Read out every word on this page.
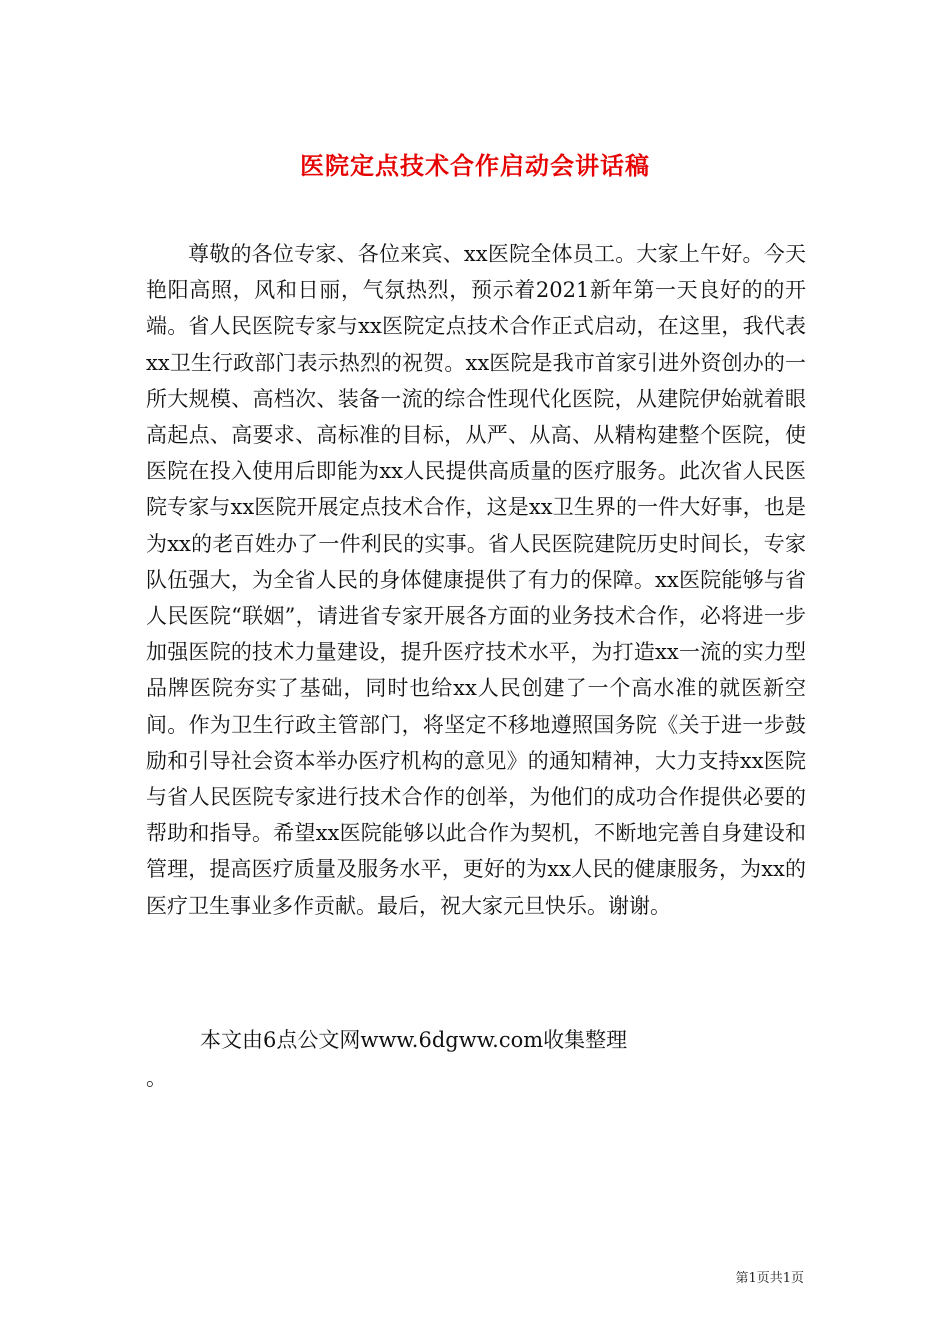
医院定点技术合作启动会讲话稿

尊敬的各位专家、各位来宾、xx医院全体员工。大家上午好。今天艳阳高照，风和日丽，气氛热烈，预示着2021新年第一天良好的的开端。省人民医院专家与xx医院定点技术合作正式启动，在这里，我代表xx卫生行政部门表示热烈的祝贺。xx医院是我市首家引进外资创办的一所大规模、高档次、装备一流的综合性现代化医院，从建院伊始就着眼高起点、高要求、高标准的目标，从严、从高、从精构建整个医院，使医院在投入使用后即能为xx人民提供高质量的医疗服务。此次省人民医院专家与xx医院开展定点技术合作，这是xx卫生界的一件大好事，也是为xx的老百姓办了一件利民的实事。省人民医院建院历史时间长，专家队伍强大，为全省人民的身体健康提供了有力的保障。xx医院能够与省人民医院“联姻”，请进省专家开展各方面的业务技术合作，必将进一步加强医院的技术力量建设，提升医疗技术水平，为打造xx一流的实力型品牌医院夯实了基础，同时也给xx人民创建了一个高水准的就医新空间。作为卫生行政主管部门，将坚定不移地遵照国务院《关于进一步鼓励和引导社会资本举办医疗机构的意见》的通知精神，大力支持xx医院与省人民医院专家进行技术合作的创举，为他们的成功合作提供必要的帮助和指导。希望xx医院能够以此合作为契机，不断地完善自身建设和管理，提高医疗质量及服务水平，更好的为xx人民的健康服务，为xx的医疗卫生事业多作贡献。最后，祝大家元旦快乐。谢谢。

本文由6点公文网www.6dgww.com收集整理
。
第1页共1页
